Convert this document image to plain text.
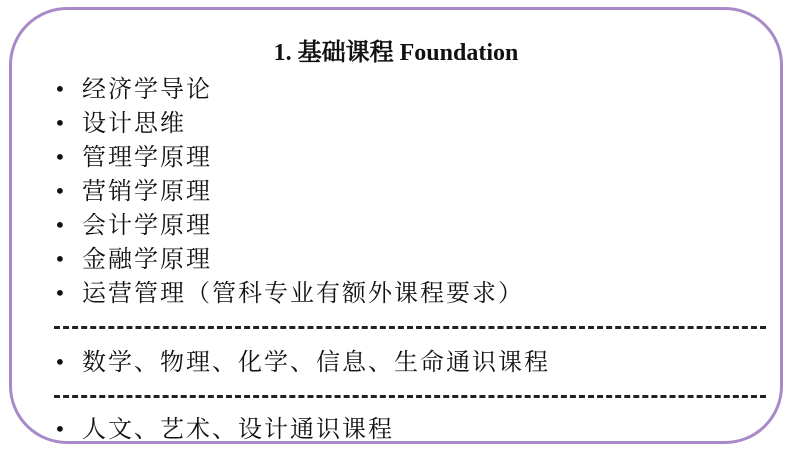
1. 基础课程 Foundation
• 经济学导论
• 设计思维
• 管理学原理
• 营销学原理
• 会计学原理
• 金融学原理
• 运营管理（管科专业有额外课程要求）
• 数学、物理、化学、信息、生命通识课程
• 人文、艺术、设计通识课程
